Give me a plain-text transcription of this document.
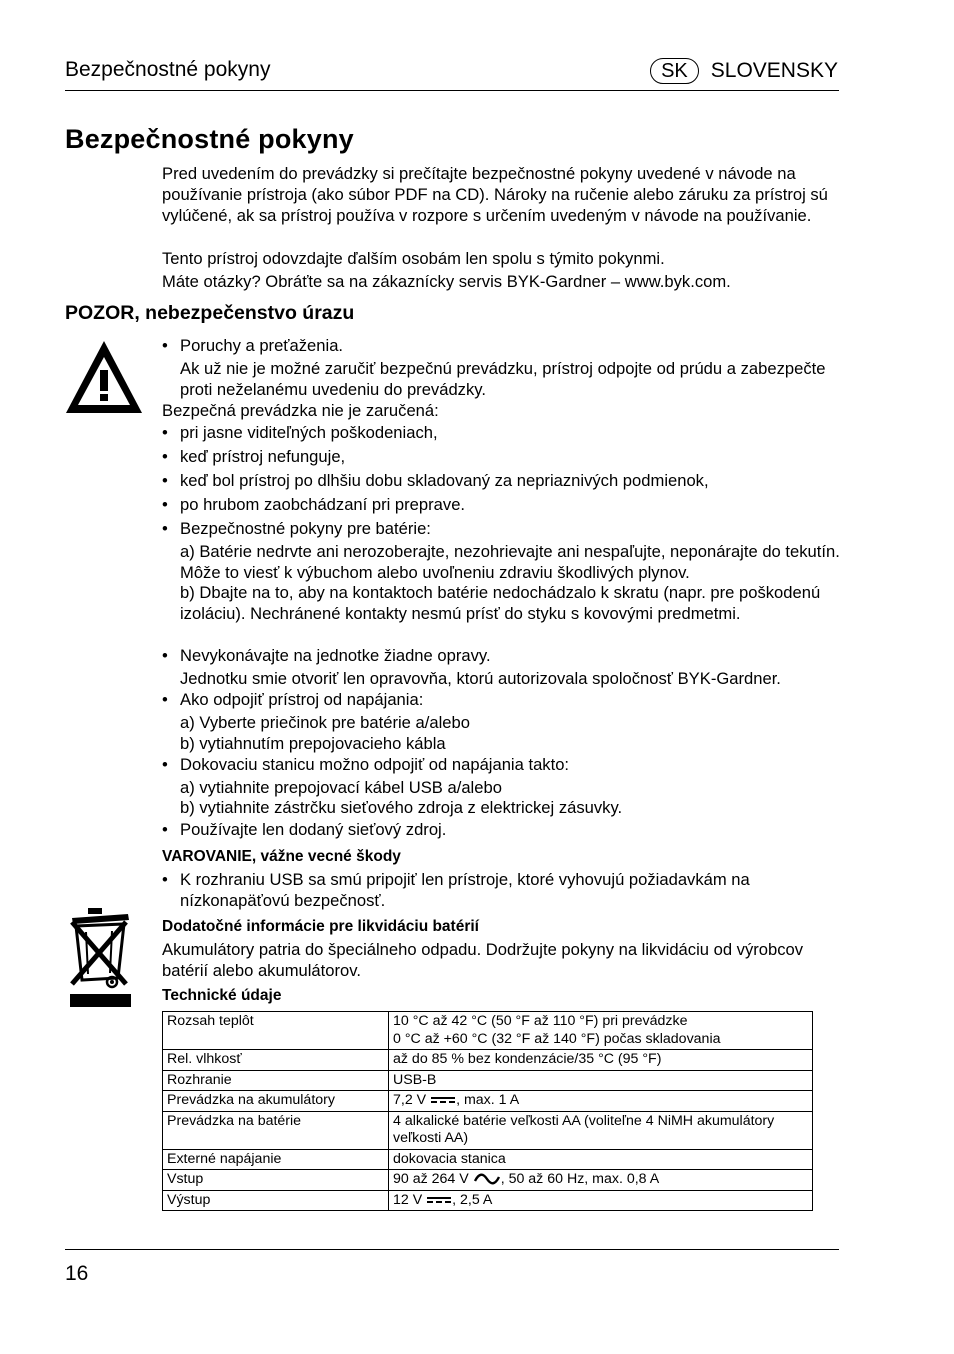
Bezpečnostné pokyny	SK	SLOVENSKY
Bezpečnostné pokyny
Pred uvedením do prevádzky si prečítajte bezpečnostné pokyny uvedené v návode na používanie prístroja (ako súbor PDF na CD). Nároky na ručenie alebo záruku za prístroj sú vylúčené, ak sa prístroj používa v rozpore s určením uvedeným v návode na používanie.
Tento prístroj odovzdajte ďalším osobám len spolu s týmito pokynmi.
Máte otázky? Obráťte sa na zákaznícky servis BYK-Gardner – www.byk.com.
POZOR, nebezpečenstvo úrazu
• Poruchy a preťaženia.
Ak už nie je možné zaručiť bezpečnú prevádzku, prístroj odpojte od prúdu a zabezpečte proti neželanému uvedeniu do prevádzky.
Bezpečná prevádzka nie je zaručená:
• pri jasne viditeľných poškodeniach,
• keď prístroj nefunguje,
• keď bol prístroj po dlhšiu dobu skladovaný za nepriaznivých podmienok,
• po hrubom zaobchádzaní pri preprave.
• Bezpečnostné pokyny pre batérie:
a) Batérie nedrvte ani nerozoberajte, nezohrievajte ani nespaľujte, neponárajte do tekutín. Môže to viesť k výbuchom alebo uvoľneniu zdraviu škodlivých plynov.
b) Dbajte na to, aby na kontaktoch batérie nedochádzalo k skratu (napr. pre poškodenú izoláciu). Nechránené kontakty nesmú prísť do styku s kovovými predmetmi.
• Nevykonávajte na jednotke žiadne opravy.
Jednotku smie otvoriť len opravovňa, ktorú autorizovala spoločnosť BYK-Gardner.
• Ako odpojiť prístroj od napájania:
a) Vyberte priečinok pre batérie a/alebo
b) vytiahnutím prepojovacieho kábla
• Dokovaciu stanicu možno odpojiť od napájania takto:
a) vytiahnite prepojovací kábel USB a/alebo
b) vytiahnite zástrčku sieťového zdroja z elektrickej zásuvky.
• Používajte len dodaný sieťový zdroj.
VAROVANIE, vážne vecné škody
• K rozhraniu USB sa smú pripojiť len prístroje, ktoré vyhovujú požiadavkám na nízkonapäťovú bezpečnosť.
Dodatočné informácie pre likvidáciu batérií
Akumulátory patria do špeciálneho odpadu. Dodržujte pokyny na likvidáciu od výrobcov batérií alebo akumulátorov.
Technické údaje
Rozsah teplôt	10 °C až 42 °C (50 °F až 110 °F) pri prevádzke
0 °C až +60 °C (32 °F až 140 °F) počas skladovania

Rel. vlhkosť	až do 85 % bez kondenzácie/35 °C (95 °F)
Rozhranie	USB-B
Prevádzka na akumulátory	7,2 V , max. 1 A
Prevádzka na batérie	4 alkalické batérie veľkosti AA (voliteľne 4 NiMH akumulátory veľkosti AA)
Externé napájanie	dokovacia stanica
Vstup	90 až 264 V , 50 až 60 Hz, max. 0,8 A
Výstup	12 V , 2,5 A
16
